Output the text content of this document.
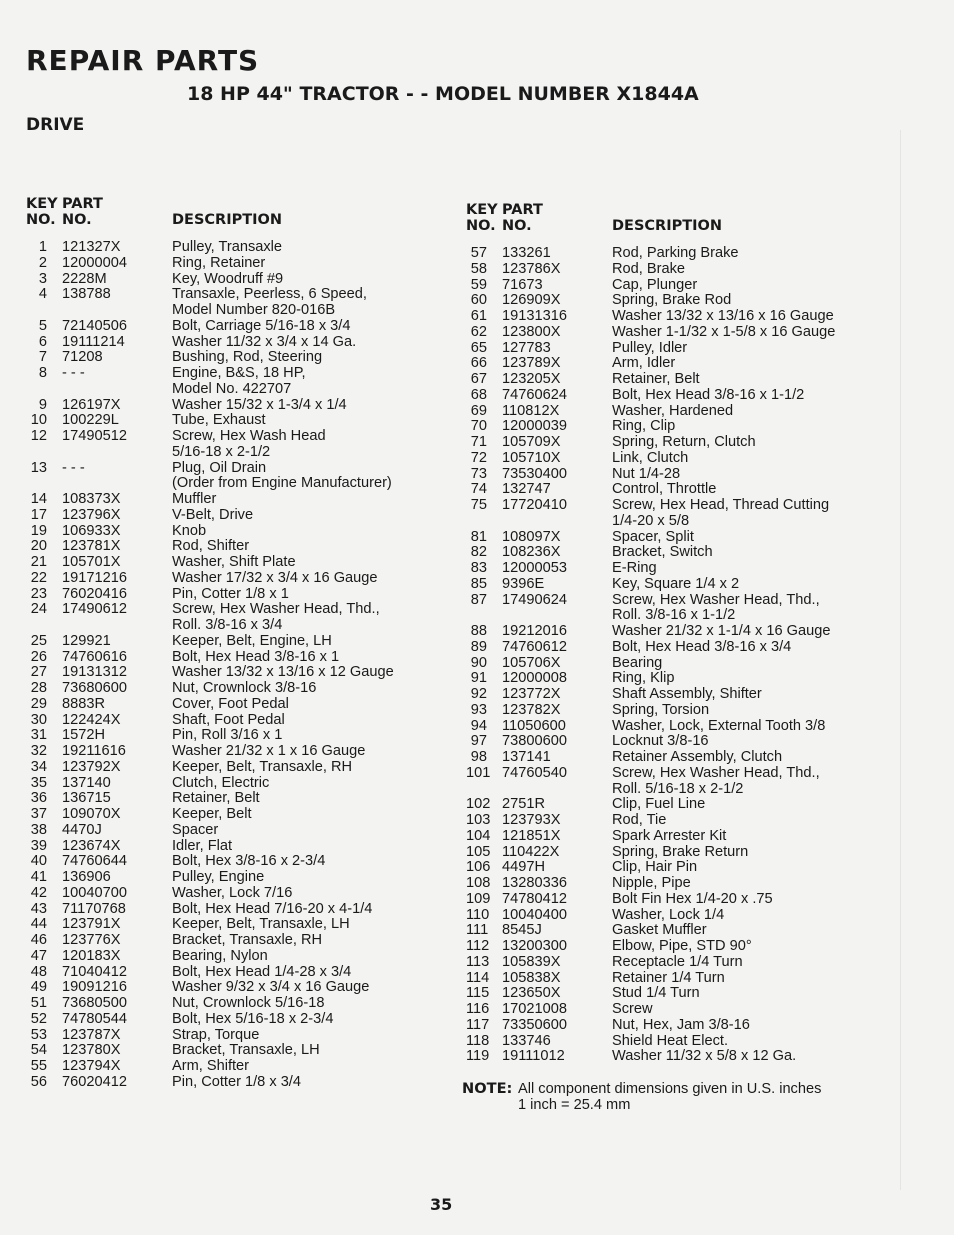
REPAIR PARTS
18 HP 44" TRACTOR - - MODEL NUMBER X1844A
DRIVE
KEY
NO.
PART
NO.	DESCRIPTION
1 121327X	Pulley, Transaxle
2 12000004	Ring, Retainer
3 2228M	Key, Woodruff #9
4 138788	Transaxle, Peerless, 6 Speed,
Model Number 820-016B
5 72140506	Bolt, Carriage 5/16-18 x 3/4
6 19111214	Washer 11/32 x 3/4 x 14 Ga.
7 71208	Bushing, Rod, Steering
8 - - -	Engine, B&S, 18 HP,
Model No. 422707
9 126197X	Washer 15/32 x 1-3/4 x 1/4
10 100229L	Tube, Exhaust
12 17490512	Screw, Hex Wash Head
5/16-18 x 2-1/2
13 - - -	Plug, Oil Drain
(Order from Engine Manufacturer)
14 108373X	Muffler
17 123796X	V-Belt, Drive
19 106933X	Knob
20 123781X	Rod, Shifter
21 105701X	Washer, Shift Plate
22 19171216	Washer 17/32 x 3/4 x 16 Gauge
23 76020416	Pin, Cotter 1/8 x 1
24 17490612	Screw, Hex Washer Head, Thd.,
Roll. 3/8-16 x 3/4
25 129921	Keeper, Belt, Engine, LH
26 74760616	Bolt, Hex Head 3/8-16 x 1
27 19131312	Washer 13/32 x 13/16 x 12 Gauge
28 73680600	Nut, Crownlock 3/8-16
29 8883R	Cover, Foot Pedal
30 122424X	Shaft, Foot Pedal
31 1572H	Pin, Roll 3/16 x 1
32 19211616	Washer 21/32 x 1 x 16 Gauge
34 123792X	Keeper, Belt, Transaxle, RH
35 137140	Clutch, Electric
36 136715	Retainer, Belt
37 109070X	Keeper, Belt
38 4470J	Spacer
39 123674X	Idler, Flat
40 74760644	Bolt, Hex 3/8-16 x 2-3/4
41 136906	Pulley, Engine
42 10040700	Washer, Lock 7/16
43 71170768	Bolt, Hex Head 7/16-20 x 4-1/4
44 123791X	Keeper, Belt, Transaxle, LH
46 123776X	Bracket, Transaxle, RH
47 120183X	Bearing, Nylon
48 71040412	Bolt, Hex Head 1/4-28 x 3/4
49 19091216	Washer 9/32 x 3/4 x 16 Gauge
51 73680500	Nut, Crownlock 5/16-18
52 74780544	Bolt, Hex 5/16-18 x 2-3/4
53 123787X	Strap, Torque
54 123780X	Bracket, Transaxle, LH
55 123794X	Arm, Shifter
56 76020412	Pin, Cotter 1/8 x 3/4
KEY
NO.
PART
NO.	DESCRIPTION
57 133261	Rod, Parking Brake
58 123786X	Rod, Brake
59 71673	Cap, Plunger
60 126909X	Spring, Brake Rod
61 19131316	Washer 13/32 x 13/16 x 16 Gauge
62 123800X	Washer 1-1/32 x 1-5/8 x 16 Gauge
65 127783	Pulley, Idler
66 123789X	Arm, Idler
67 123205X	Retainer, Belt
68 74760624	Bolt, Hex Head 3/8-16 x 1-1/2
69 110812X	Washer, Hardened
70 12000039	Ring, Clip
71 105709X	Spring, Return, Clutch
72 105710X	Link, Clutch
73 73530400	Nut 1/4-28
74 132747	Control, Throttle
75 17720410	Screw, Hex Head, Thread Cutting
1/4-20 x 5/8
81 108097X	Spacer, Split
82 108236X	Bracket, Switch
83 12000053	E-Ring
85 9396E	Key, Square 1/4 x 2
87 17490624	Screw, Hex Washer Head, Thd.,
Roll. 3/8-16 x 1-1/2
88 19212016	Washer 21/32 x 1-1/4 x 16 Gauge
89 74760612	Bolt, Hex Head 3/8-16 x 3/4
90 105706X	Bearing
91 12000008	Ring, Klip
92 123772X	Shaft Assembly, Shifter
93 123782X	Spring, Torsion
94 11050600	Washer, Lock, External Tooth 3/8
97 73800600	Locknut 3/8-16
98 137141	Retainer Assembly, Clutch
101 74760540	Screw, Hex Washer Head, Thd.,
Roll. 5/16-18 x 2-1/2
102 2751R	Clip, Fuel Line
103 123793X	Rod, Tie
104 121851X	Spark Arrester Kit
105 110422X	Spring, Brake Return
106 4497H	Clip, Hair Pin
108 13280336	Nipple, Pipe
109 74780412	Bolt Fin Hex 1/4-20 x .75
110 10040400	Washer, Lock 1/4
111 8545J	Gasket Muffler
112 13200300	Elbow, Pipe, STD 90°
113 105839X	Receptacle 1/4 Turn
114 105838X	Retainer 1/4 Turn
115 123650X	Stud 1/4 Turn
116 17021008	Screw
117 73350600	Nut, Hex, Jam 3/8-16
118 133746	Shield Heat Elect.
119 19111012	Washer 11/32 x 5/8 x 12 Ga.
NOTE: All component dimensions given in U.S. inches
1 inch = 25.4 mm
35
